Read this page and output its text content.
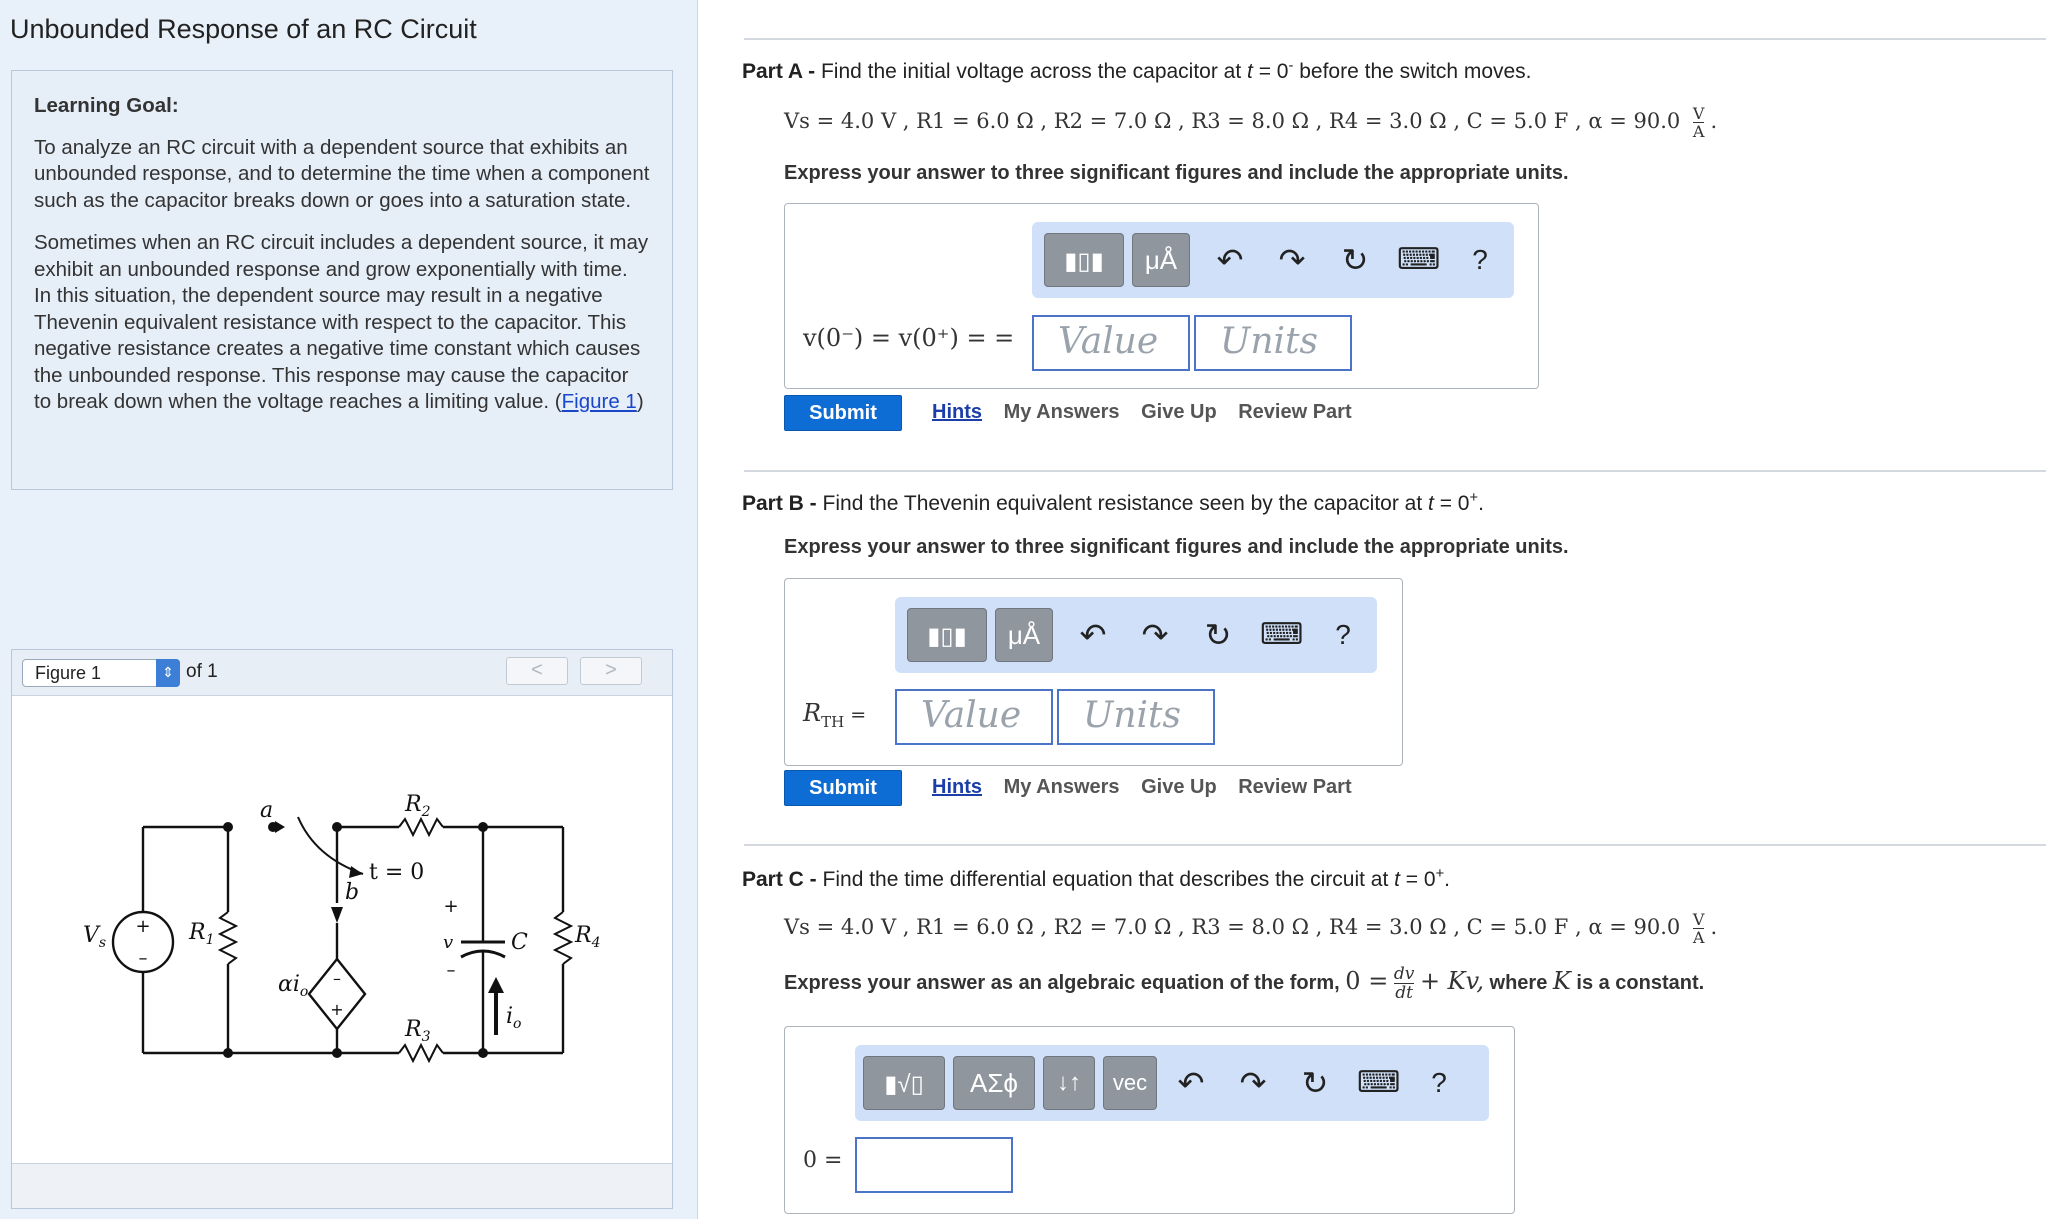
Unbounded Response of an RC Circuit
Learning Goal:

To analyze an RC circuit with a dependent source that exhibits an unbounded response, and to determine the time when a component such as the capacitor breaks down or goes into a saturation state.

Sometimes when an RC circuit includes a dependent source, it may exhibit an unbounded response and grow exponentially with time. In this situation, the dependent source may result in a negative Thevenin equivalent resistance with respect to the capacitor. This negative resistance creates a negative time constant which causes the unbounded response. This response may cause the capacitor to break down when the voltage reaches a limiting value. (Figure 1)

Figure 1	⇕ of 1	<	>
a
b
t = 0
$R_2$
$R_3$
$R_1$	$R_4$
$V_s$	C
v
$\alpha i_o$
$i_o$
+
–
–
+
+
–
Part A - Find the initial voltage across the capacitor at t = 0- before the switch moves.
Vs = 4.0 V , R1 = 6.0 Ω , R2 = 7.0 Ω , R3 = 8.0 Ω , R4 = 3.0 Ω , C = 5.0 F , $\alpha = 90.0 \frac{V}{A}$ .
Express your answer to three significant figures and include the appropriate units.
▮▯▮	μÅ	↶ ↷ ↻ ⌨	?
v(0⁻) = v(0⁺) = =	Value	Units
Submit	Hints My Answers Give Up Review Part
Part B - Find the Thevenin equivalent resistance seen by the capacitor at t = 0+.
Express your answer to three significant figures and include the appropriate units.
▮▯▮	μÅ	↶ ↷ ↻ ⌨	?
$R_{TH}$ =	Value	Units
Submit	Hints My Answers Give Up Review Part
Part C - Find the time differential equation that describes the circuit at t = 0+.
Vs = 4.0 V , R1 = 6.0 Ω , R2 = 7.0 Ω , R3 = 8.0 Ω , R4 = 3.0 Ω , C = 5.0 F , $\alpha = 90.0 \frac{V}{A}$ .
Express your answer as an algebraic equation of the form, $0 = \frac{dv}{dt} + Kv$, where K is a constant.
▮√▯	ΑΣϕ	↓↑	vec ↶ ↷ ↻ ⌨	?
0 =
